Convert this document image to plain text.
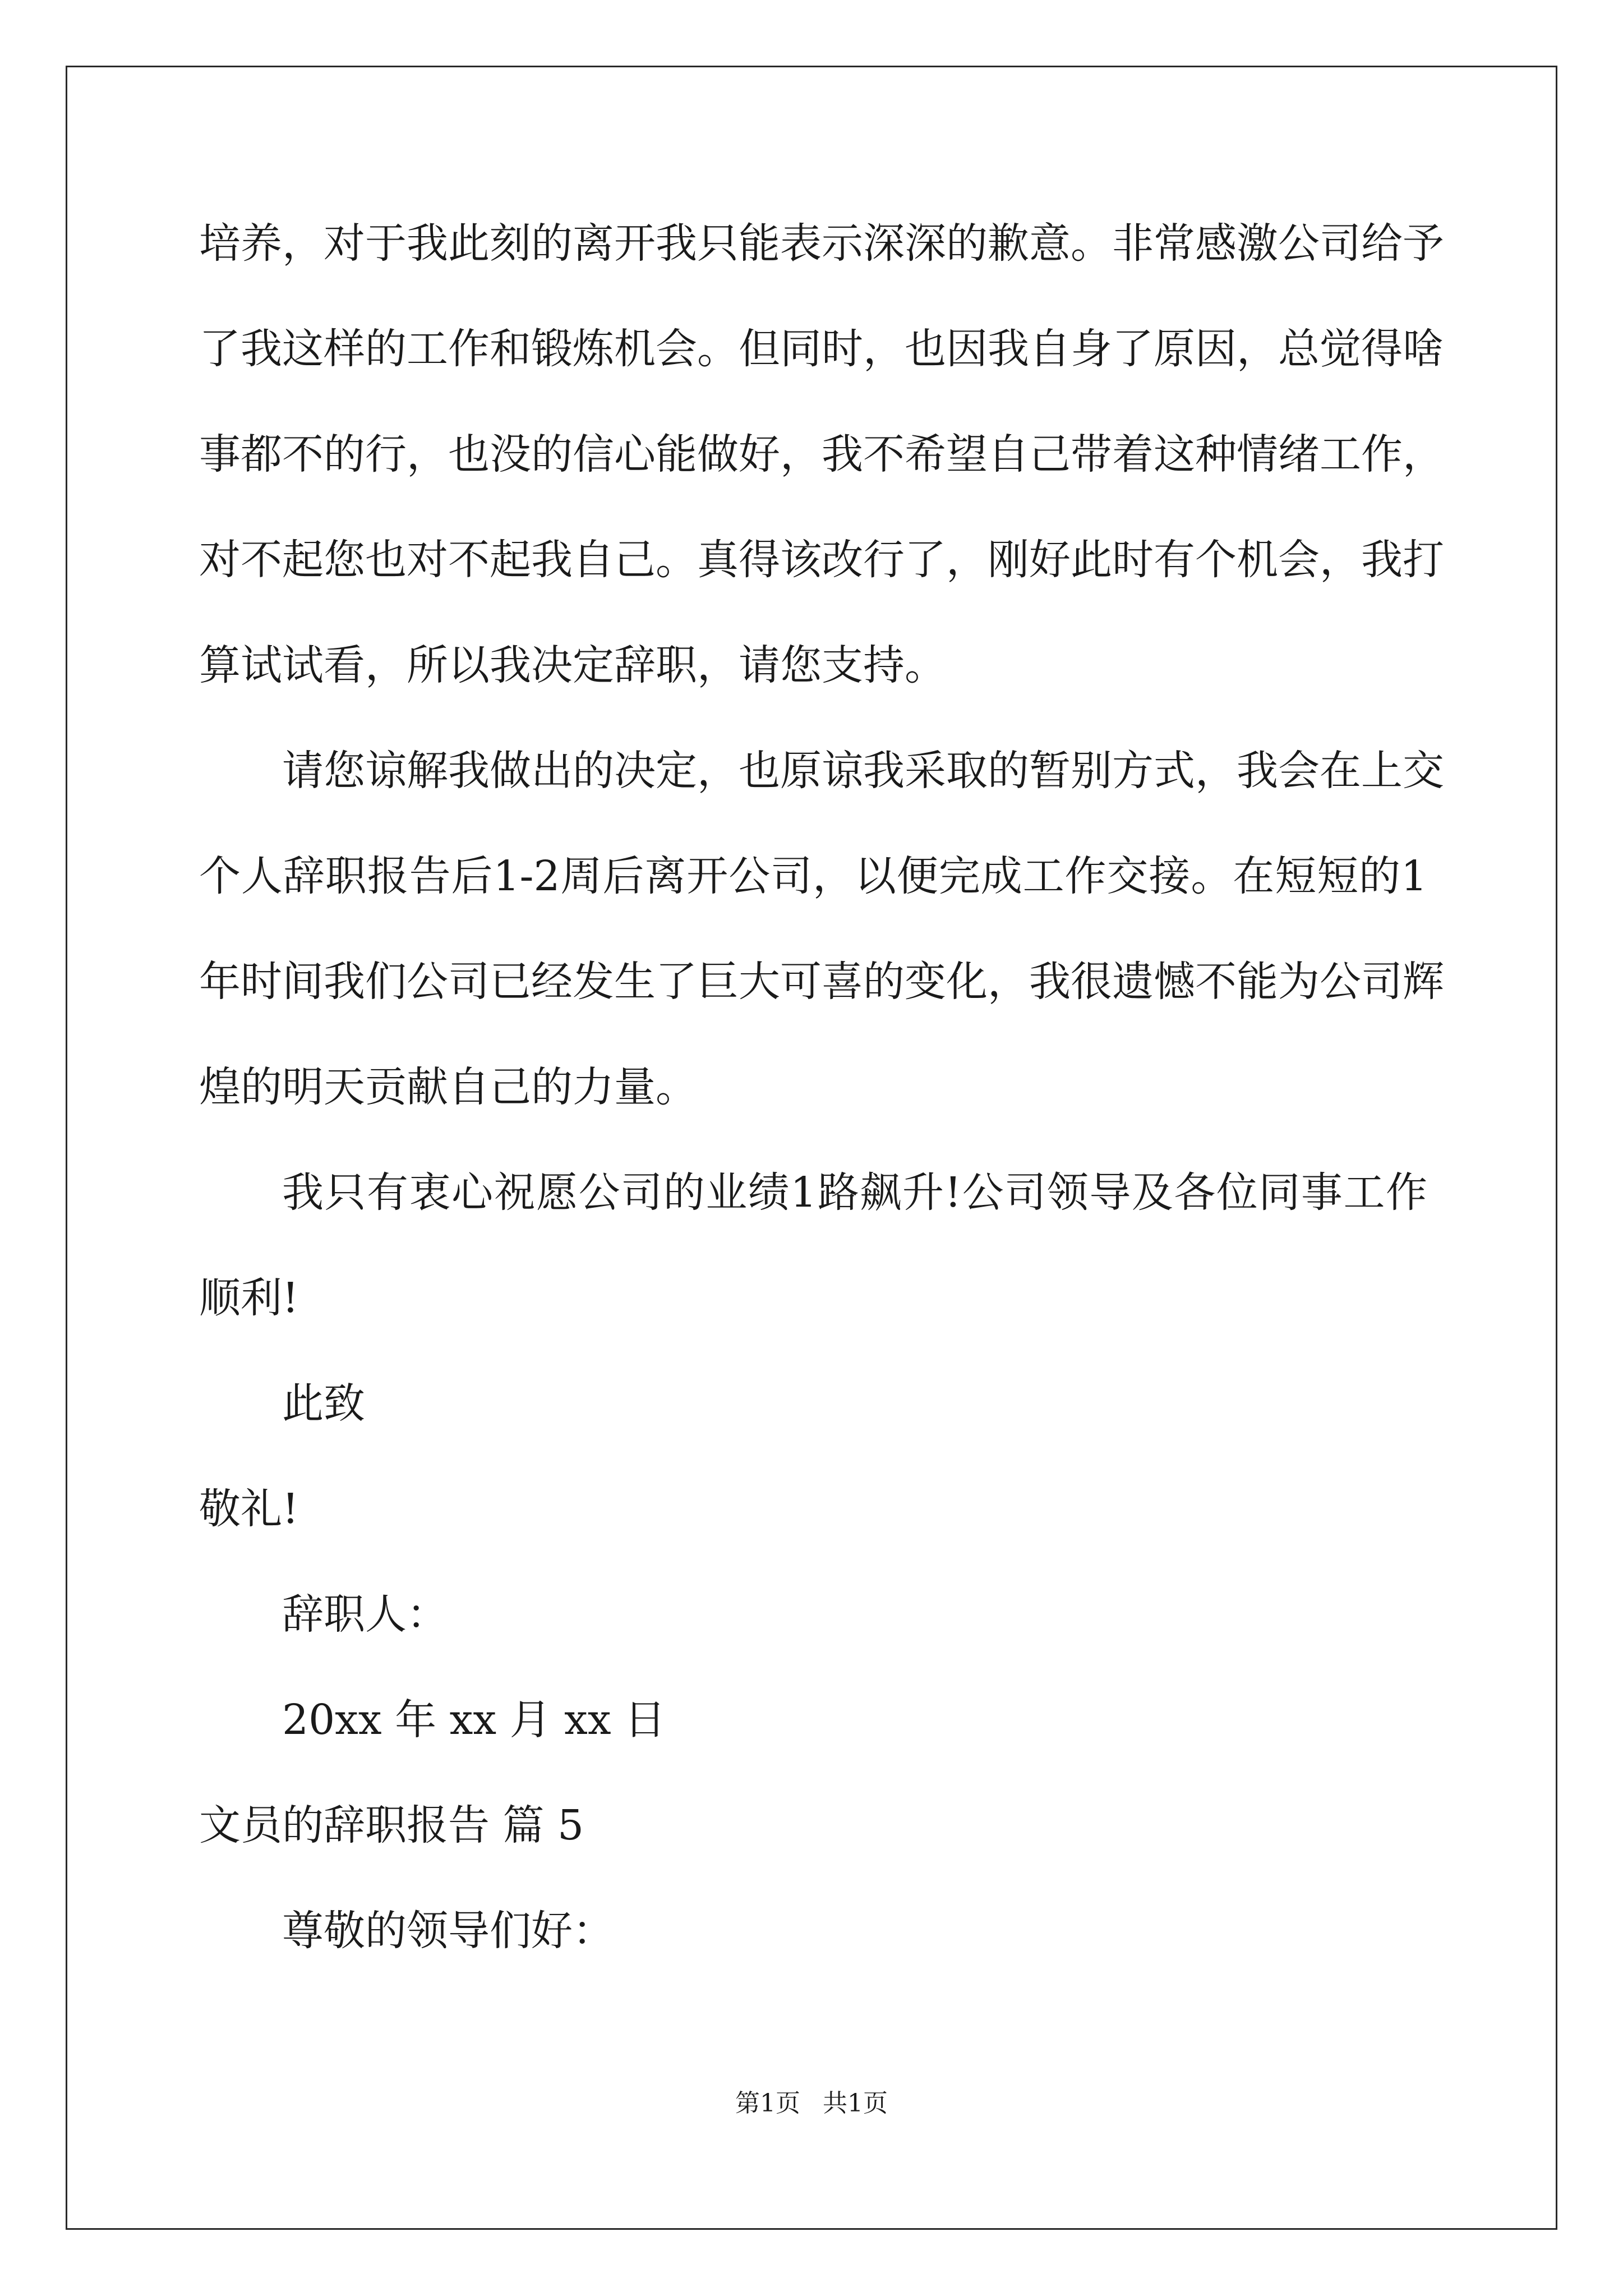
培养，对于我此刻的离开我只能表示深深的歉意。非常感激公司给予

了我这样的工作和锻炼机会。但同时，也因我自身了原因，总觉得啥

事都不的行，也没的信心能做好，我不希望自己带着这种情绪工作，

对不起您也对不起我自己。真得该改行了，刚好此时有个机会，我打

算试试看，所以我决定辞职，请您支持。

请您谅解我做出的决定，也原谅我采取的暂别方式，我会在上交

个人辞职报告后1-2周后离开公司，以便完成工作交接。在短短的1

年时间我们公司已经发生了巨大可喜的变化，我很遗憾不能为公司辉

煌的明天贡献自己的力量。

我只有衷心祝愿公司的业绩1路飙升!公司领导及各位同事工作

顺利!

此致

敬礼!

辞职人：

20xx 年 xx 月 xx 日

文员的辞职报告 篇 5

尊敬的领导们好：

第1页 共1页
